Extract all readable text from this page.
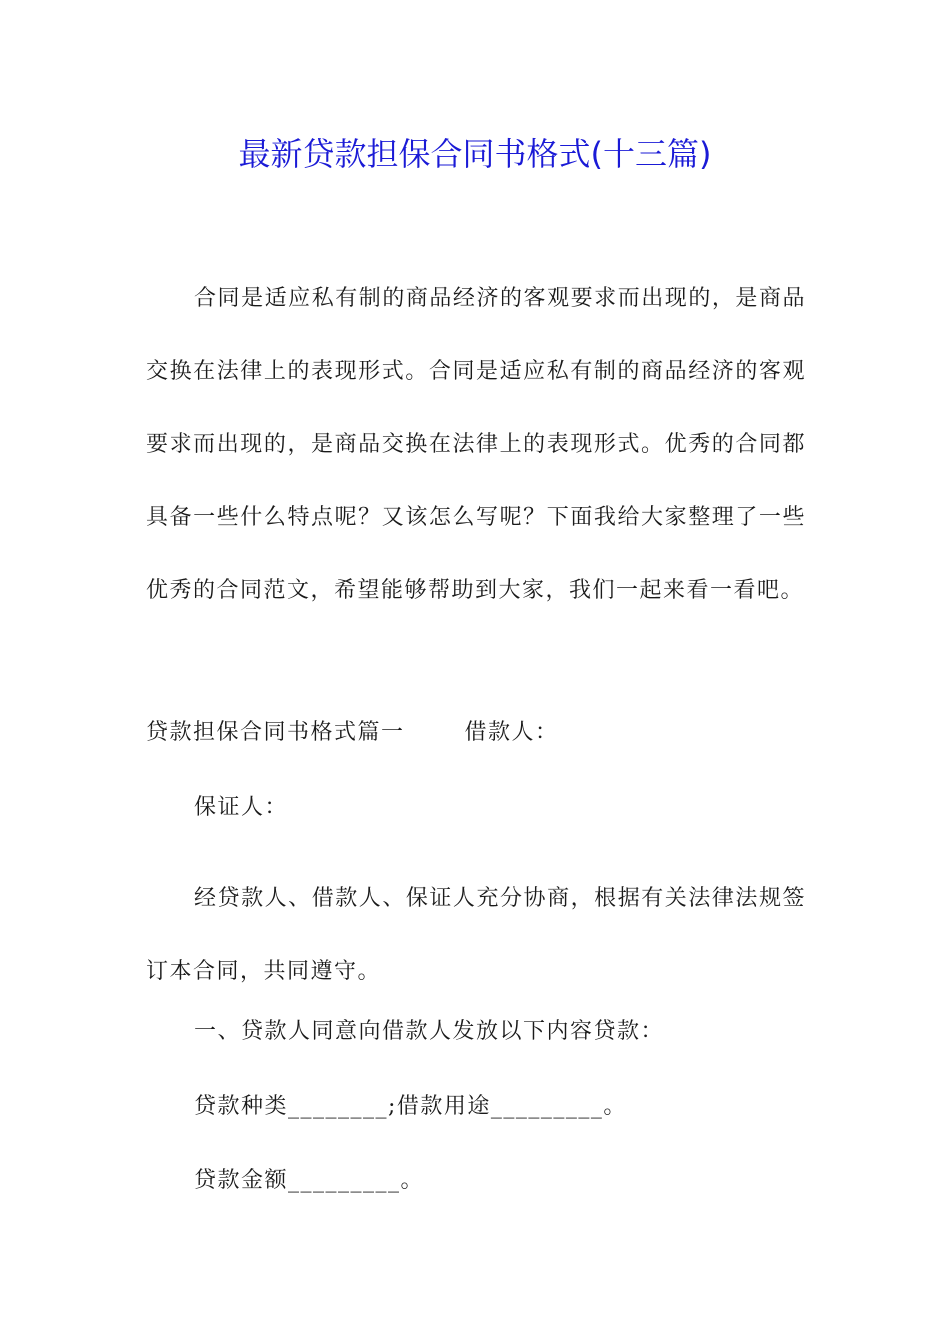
最新贷款担保合同书格式(十三篇)
合同是适应私有制的商品经济的客观要求而出现的，是商品交换在法律上的表现形式。合同是适应私有制的商品经济的客观要求而出现的，是商品交换在法律上的表现形式。优秀的合同都具备一些什么特点呢？又该怎么写呢？下面我给大家整理了一些优秀的合同范文，希望能够帮助到大家，我们一起来看一看吧。
贷款担保合同书格式篇一	借款人：
保证人：
经贷款人、借款人、保证人充分协商，根据有关法律法规签订本合同，共同遵守。
一、贷款人同意向借款人发放以下内容贷款：
贷款种类________;借款用途_________。
贷款金额_________。
